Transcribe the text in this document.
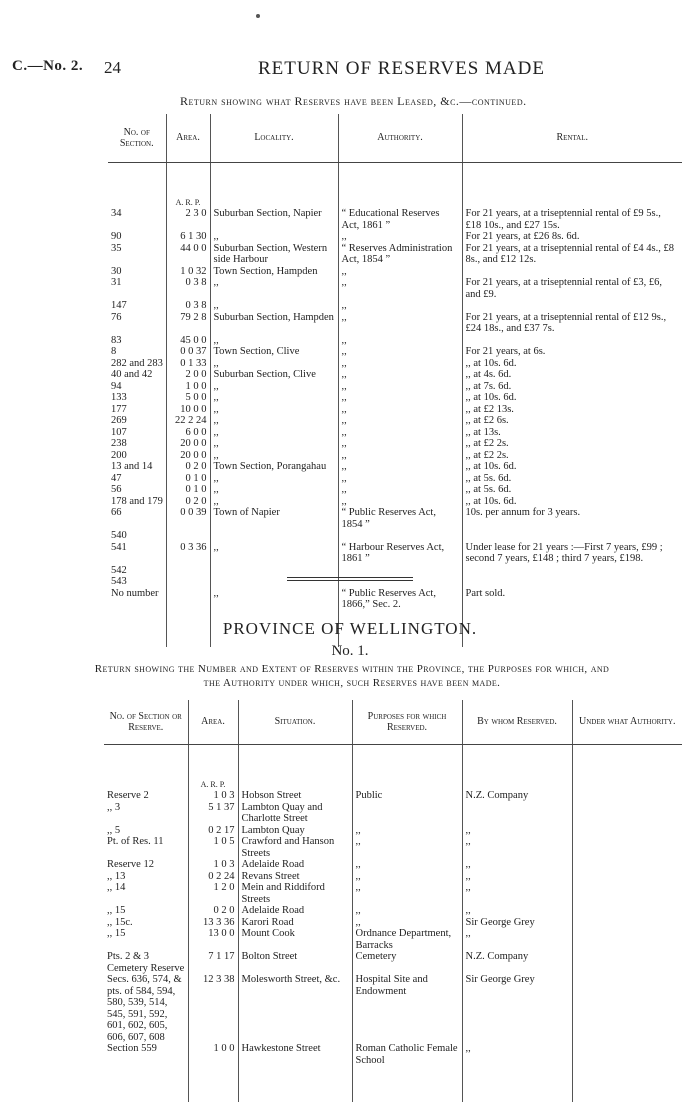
C.—No. 2. 24	RETURN OF RESERVES MADE
Return showing what Reserves have been Leased, &c.—continued.
No. of Section.	Area.	Locality.	Authority.	Rental.
	A. R. P.			
34	2 3 0	Suburban Section, Napier	“ Educational Reserves Act, 1861 ”	For 21 years, at a triseptennial rental of £9 5s., £18 10s., and £27 15s.
90	6 1 30	,,	,,	For 21 years, at £26 8s. 6d.
35	44 0 0	Suburban Section, Western side Harbour	“ Reserves Administration Act, 1854 ”	For 21 years, at a triseptennial rental of £4 4s., £8 8s., and £12 12s.
30	1 0 32	Town Section, Hampden	,,	
31	0 3 8	,,	,,	For 21 years, at a triseptennial rental of £3, £6, and £9.
147	0 3 8	,,	,,	
76	79 2 8	Suburban Section, Hampden	,,	For 21 years, at a triseptennial rental of £12 9s., £24 18s., and £37 7s.
83	45 0 0	,,	,,	
8	0 0 37	Town Section, Clive	,,	For 21 years, at 6s.
282 and 283	0 1 33	,,	,,	,, at 10s. 6d.
40 and 42	2 0 0	Suburban Section, Clive	,,	,, at 4s. 6d.
94	1 0 0	,,	,,	,, at 7s. 6d.
133	5 0 0	,,	,,	,, at 10s. 6d.
177	10 0 0	,,	,,	,, at £2 13s.
269	22 2 24	,,	,,	,, at £2 6s.
107	6 0 0	,,	,,	,, at 13s.
238	20 0 0	,,	,,	,, at £2 2s.
200	20 0 0	,,	,,	,, at £2 2s.
13 and 14	0 2 0	Town Section, Porangahau	,,	,, at 10s. 6d.
47	0 1 0	,,	,,	,, at 5s. 6d.
56	0 1 0	,,	,,	,, at 5s. 6d.
178 and 179	0 2 0	,,	,,	,, at 10s. 6d.
66	0 0 39	Town of Napier	“ Public Reserves Act, 1854 ”	10s. per annum for 3 years.
540				
541	0 3 36	,,	“ Harbour Reserves Act, 1861 ”	Under lease for 21 years :—First 7 years, £99 ; second 7 years, £148 ; third 7 years, £198.
542				
543				
No number		,,	“ Public Reserves Act, 1866,” Sec. 2.	Part sold.

PROVINCE OF WELLINGTON.
No. 1.
Return showing the Number and Extent of Reserves within the Province, the Purposes for which, and the Authority under which, such Reserves have been made.
No. of Section or Reserve.	Area.	Situation.	Purposes for which Reserved.	By whom Reserved.	Under what Authority.
	A. R. P.				
Reserve 2	1 0 3	Hobson Street	Public	N.Z. Company	
,, 3	5 1 37	Lambton Quay and Charlotte Street			
,, 5	0 2 17	Lambton Quay	,,	,,	
Pt. of Res. 11	1 0 5	Crawford and Hanson Streets	,,	,,	
Reserve 12	1 0 3	Adelaide Road	,,	,,	
,, 13	0 2 24	Revans Street	,,	,,	
,, 14	1 2 0	Mein and Riddiford Streets	,,	,,	
,, 15	0 2 0	Adelaide Road	,,	,,	
,, 15c.	13 3 36	Karori Road	,,	Sir George Grey	
,, 15	13 0 0	Mount Cook	Ordnance Department, Barracks	,,	
Pts. 2 & 3 Cemetery Reserve	7 1 17	Bolton Street	Cemetery	N.Z. Company	
Secs. 636, 574, & pts. of 584, 594, 580, 539, 514, 545, 591, 592, 601, 602, 605, 606, 607, 608	12 3 38	Molesworth Street, &c.	Hospital Site and Endowment	Sir George Grey	
Section 559	1 0 0	Hawkestone Street	Roman Catholic Female School	,,	
